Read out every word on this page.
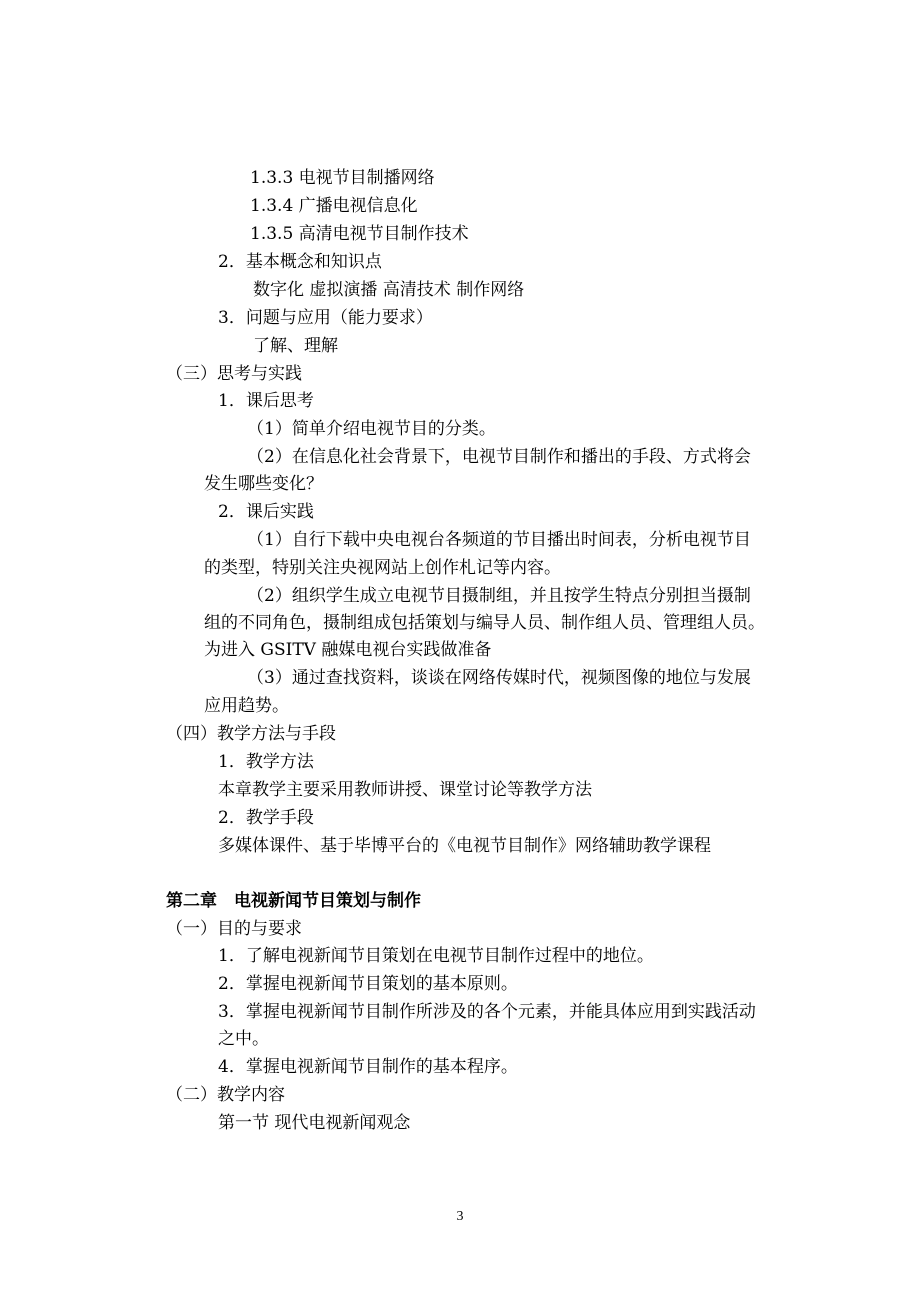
1.3.3 电视节目制播网络
1.3.4 广播电视信息化
1.3.5 高清电视节目制作技术
2．基本概念和知识点
数字化 虚拟演播 高清技术 制作网络
3．问题与应用（能力要求）
了解、理解
（三）思考与实践
1．课后思考
（1）简单介绍电视节目的分类。
（2）在信息化社会背景下，电视节目制作和播出的手段、方式将会
发生哪些变化？
2．课后实践
（1）自行下载中央电视台各频道的节目播出时间表，分析电视节目
的类型，特别关注央视网站上创作札记等内容。
（2）组织学生成立电视节目摄制组，并且按学生特点分别担当摄制
组的不同角色，摄制组成包括策划与编导人员、制作组人员、管理组人员。
为进入 GSITV 融媒电视台实践做准备
（3）通过查找资料，谈谈在网络传媒时代，视频图像的地位与发展
应用趋势。
（四）教学方法与手段
1．教学方法
本章教学主要采用教师讲授、课堂讨论等教学方法
2．教学手段
多媒体课件、基于毕博平台的《电视节目制作》网络辅助教学课程
第二章　电视新闻节目策划与制作
（一）目的与要求
1．了解电视新闻节目策划在电视节目制作过程中的地位。
2．掌握电视新闻节目策划的基本原则。
3．掌握电视新闻节目制作所涉及的各个元素，并能具体应用到实践活动
之中。
4．掌握电视新闻节目制作的基本程序。
（二）教学内容
第一节 现代电视新闻观念
3
